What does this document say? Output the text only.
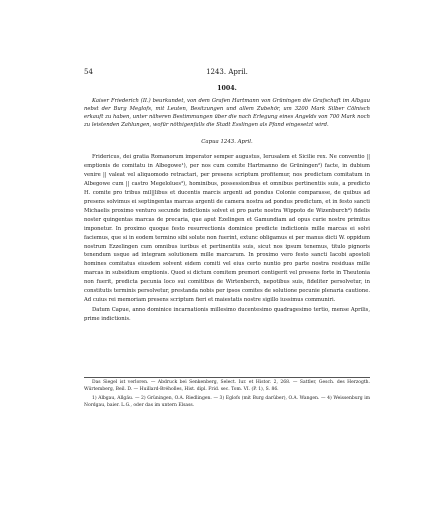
54	1243. April.
1004.
Kaiser Friederich (II.) beurkundet, von dem Grafen Hartmann von Grüningen die Grafschaft im Albgau nebst der Burg Meglofs, mit Leuten, Besitzungen und allem Zubehör, um 3200 Mark Silber Cölnisch erkauft zu haben, unter näheren Bestimmungen über die nach Erlegung eines Angelds von 700 Mark noch zu leistenden Zahlungen, wofür nöthigenfalls die Stadt Esslingen als Pfand eingesetzt wird.
Capua 1243. April.

Fridericus, dei gratia Romanorum imperator semper augustus, Ierusalem et Sicilie rex. Ne conventio || emptionis de comitatu in Albegowe¹), per nos cum comite Hartmanno de Grüningen²) facte, in dubium venire || valeat vel aliquomodo retractari, per presens scriptum profitemur, nos predictum comitatum in Albegowe cum || castro Megelolues³), hominibus, possessionibus et omnibus pertinentiis suis, a predicto H. comite pro tribus mil||libus et ducentis marcis argenti ad pondus Colonie comparasse, de quibus ad presens solvimus ei septingentas marcas argenti de camera nostra ad pondus predictum, et in festo sancti Michaelis proximo venturo secunde indictionis solvet ei pro parte nostra Wippoto de Wizenburch⁴) fidelis noster quingentas marcas de precaria, que aput Ezelingen et Gamundiam ad opus curie nostre primitus imponetur. In proximo quoque festo resurrectionis dominice predicte indictionis mille marcas ei solvi faciemus, que si in eodem termino sibi solute non fuerint, extunc obligamus ei per manus dicti W. oppidum nostrum Ezzelingen cum omnibus iuribus et pertinentiis suis, sicut nos ipsum tenemus, titulo pignoris tenendum usque ad integram solutionem mille marcarum. In proximo vero festo sancti Iacobi apostoli homines comitatus eiusdem solvent eidem comiti vel eius certo nuntio pro parte nostra residuas mille marcas in subsidium emptionis. Quod si dictum comitem premori contigerit vel presens forte in Theutonia non fuerit, predicta pecunia loco sui comitibus de Wirtenberch, nepotibus suis, fideliter persolvetur, in constitutis terminis persolvetur, prestanda nobis per ipsos comites de solutione pecunie plenaria cautione. Ad cuius rei memoriam presens scriptum fieri et maiestatis nostre sigillo iussimus communiri.

Datum Capue, anno dominice incarnationis millesimo ducentesimo quadragesimo tertio, mense Aprilis, prime indictionis.

Das Siegel ist verloren. — Abdruck bei Senkenberg, Select. Iur. et Histor. 2, 268. — Sattler, Gesch. des Herzogth. Würtemberg, Beil. D. — Huillard-Bréholles, Hist. dipl. Frid. sec. Tom. VI. (P. 1), S. 86.
1) Albgau, Allgäu. — 2) Grüningen, O.A. Riedlingen. — 3) Eglofs (mit Burg darüber), O.A. Wangen. — 4) Weissenburg im Nordgau, baier. L.G., oder das im untern Elsass.
